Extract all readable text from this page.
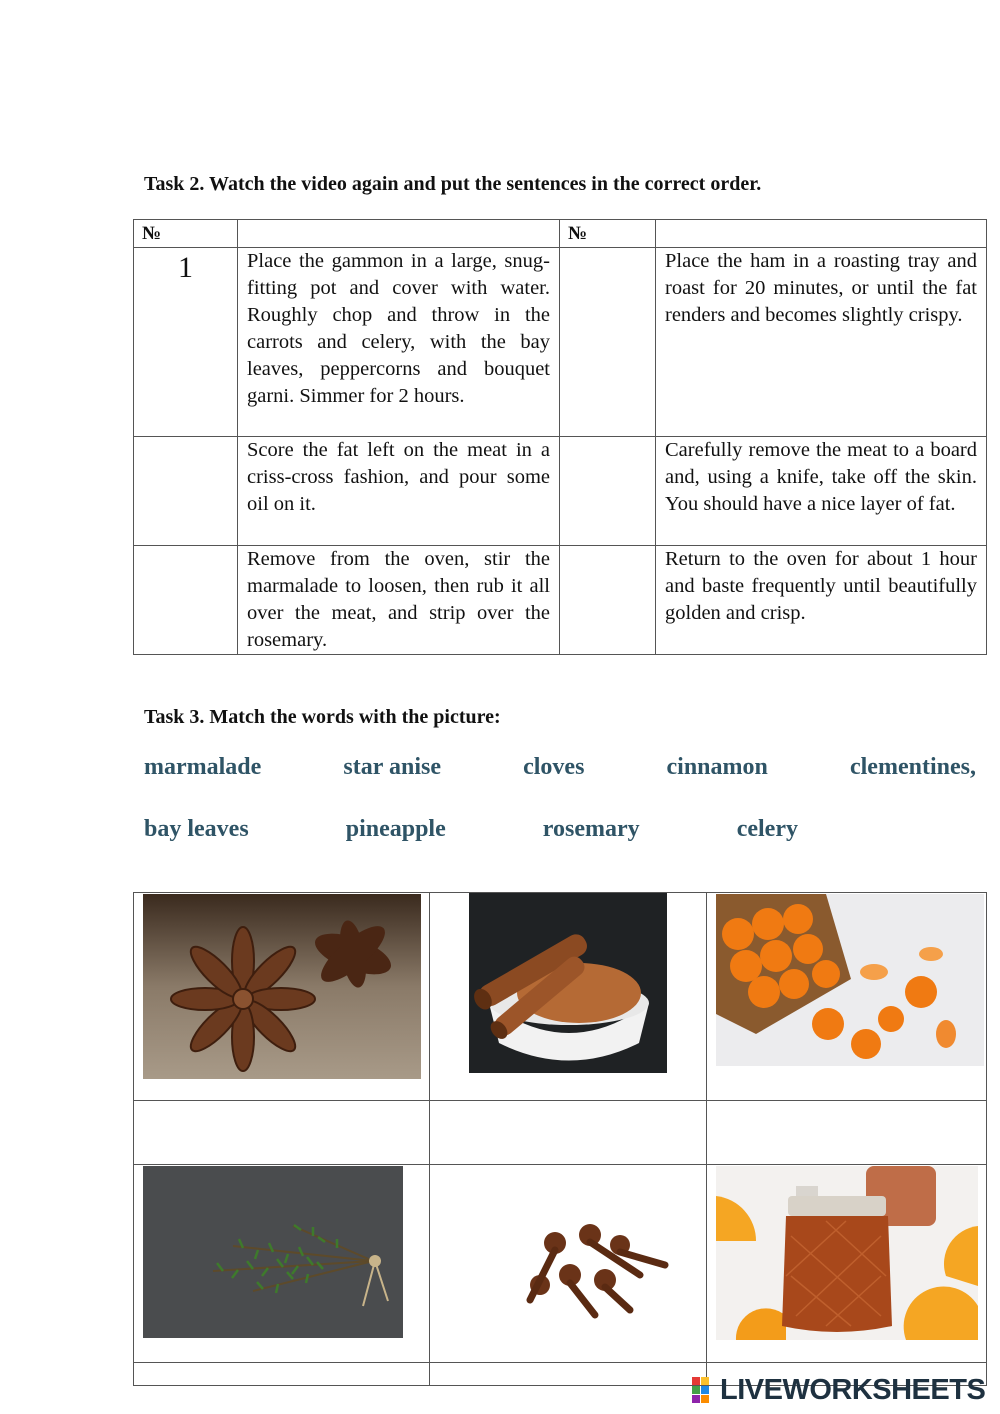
Task 2. Watch the video again and put the sentences in the correct order.
№		№	
1	Place the gammon in a large, snug-fitting pot and cover with water. Roughly chop and throw in the carrots and celery, with the bay leaves, peppercorns and bouquet garni. Simmer for 2 hours.		Place the ham in a roasting tray and roast for 20 minutes, or until the fat renders and becomes slightly crispy.
	Score the fat left on the meat in a criss-cross fashion, and pour some oil on it.		Carefully remove the meat to a board and, using a knife, take off the skin. You should have a nice layer of fat.
	Remove from the oven, stir the marmalade to loosen, then rub it all over the meat, and strip over the rosemary.		Return to the oven for about 1 hour and baste frequently until beautifully golden and crisp.
Task 3. Match the words with the picture:
marmalade	star anise	cloves	cinnamon	clementines,
bay leaves	pineapple	rosemary	celery

LIVEWORKSHEETS
